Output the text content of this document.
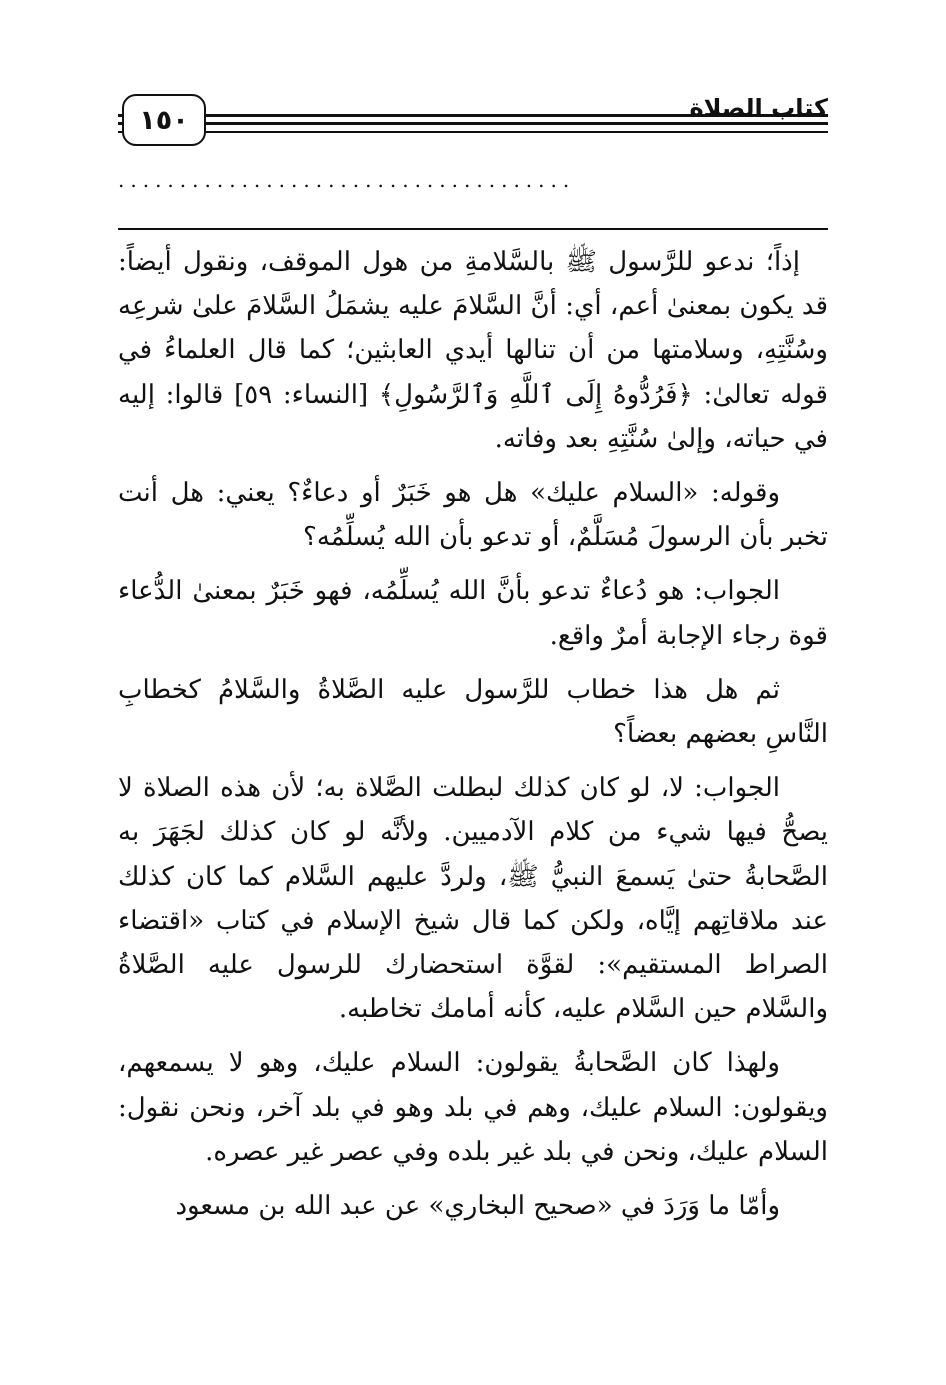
١٥٠	كتاب الصلاة
.....................................

إذاً؛ ندعو للرَّسول ﷺ بالسَّلامةِ من هول الموقف، ونقول أيضاً: قد يكون بمعنىٰ أعم، أي: أنَّ السَّلامَ عليه يشمَلُ السَّلامَ علىٰ شرعِه وسُنَّتِهِ، وسلامتها من أن تنالها أيدي العابثين؛ كما قال العلماءُ في قوله تعالىٰ: ﴿فَرُدُّوهُ إِلَى ٱللَّهِ وَٱلرَّسُولِ﴾ [النساء: ٥٩] قالوا: إليه في حياته، وإلىٰ سُنَّتِهِ بعد وفاته.

وقوله: «السلام عليك» هل هو خَبَرٌ أو دعاءٌ؟ يعني: هل أنت تخبر بأن الرسولَ مُسَلَّمٌ، أو تدعو بأن الله يُسلِّمُه؟

الجواب: هو دُعاءٌ تدعو بأنَّ الله يُسلِّمُه، فهو خَبَرٌ بمعنىٰ الدُّعاء قوة رجاء الإجابة أمرٌ واقع.

ثم هل هذا خطاب للرَّسول عليه الصَّلاةُ والسَّلامُ كخطابِ النَّاسِ بعضهم بعضاً؟

الجواب: لا، لو كان كذلك لبطلت الصَّلاة به؛ لأن هذه الصلاة لا يصحُّ فيها شيء من كلام الآدميين. ولأنَّه لو كان كذلك لجَهَرَ به الصَّحابةُ حتىٰ يَسمعَ النبيُّ ﷺ، ولردَّ عليهم السَّلام كما كان كذلك عند ملاقاتِهم إيَّاه، ولكن كما قال شيخ الإسلام في كتاب «اقتضاء الصراط المستقيم»: لقوَّة استحضارك للرسول عليه الصَّلاةُ والسَّلام حين السَّلام عليه، كأنه أمامك تخاطبه.

ولهذا كان الصَّحابةُ يقولون: السلام عليك، وهو لا يسمعهم، ويقولون: السلام عليك، وهم في بلد وهو في بلد آخر، ونحن نقول: السلام عليك، ونحن في بلد غير بلده وفي عصر غير عصره.

وأمّا ما وَرَدَ في «صحيح البخاري» عن عبد الله بن مسعود
